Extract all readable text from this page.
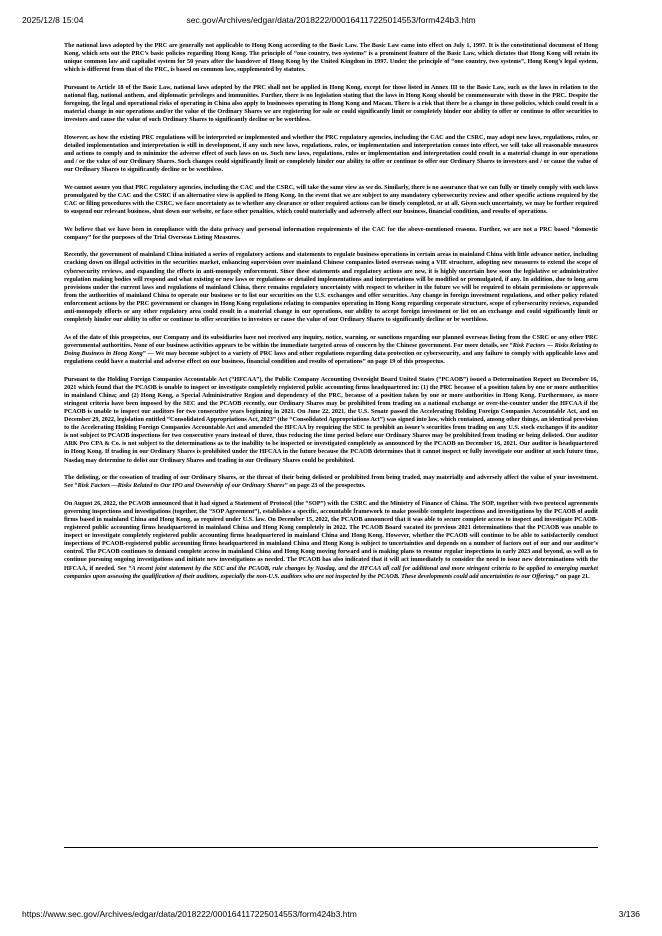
2025/12/8 15:04	sec.gov/Archives/edgar/data/2018222/000164117225014553/form424b3.htm

The national laws adopted by the PRC are generally not applicable to Hong Kong according to the Basic Law. The Basic Law came into effect on July 1, 1997. It is the constitutional document of Hong Kong, which sets out the PRC’s basic policies regarding Hong Kong. The principle of “one country, two systems” is a prominent feature of the Basic Law, which dictates that Hong Kong will retain its unique common law and capitalist system for 50 years after the handover of Hong Kong by the United Kingdom in 1997. Under the principle of “one country, two systems”, Hong Kong’s legal system, which is different from that of the PRC, is based on common law, supplemented by statutes.

Pursuant to Article 18 of the Basic Law, national laws adopted by the PRC shall not be applied in Hong Kong, except for those listed in Annex III to the Basic Law, such as the laws in relation to the national flag, national anthem, and diplomatic privileges and immunities. Further, there is no legislation stating that the laws in Hong Kong should be commensurate with those in the PRC. Despite the foregoing, the legal and operational risks of operating in China also apply to businesses operating in Hong Kong and Macau. There is a risk that there be a change in these policies, which could result in a material change in our operations and/or the value of the Ordinary Shares we are registering for sale or could significantly limit or completely hinder our ability to offer or continue to offer securities to investors and cause the value of such Ordinary Shares to significantly decline or be worthless.

However, as how the existing PRC regulations will be interpreted or implemented and whether the PRC regulatory agencies, including the CAC and the CSRC, may adopt new laws, regulations, rules, or detailed implementation and interpretation is still in development, if any such new laws, regulations, rules, or implementation and interpretation comes into effect, we will take all reasonable measures and actions to comply and to minimize the adverse effect of such laws on us. Such new laws, regulations, rules or implementation and interpretation could result in a material change in our operations and / or the value of our Ordinary Shares. Such changes could significantly limit or completely hinder our ability to offer or continue to offer our Ordinary Shares to investors and / or cause the value of our Ordinary Shares to significantly decline or be worthless.

We cannot assure you that PRC regulatory agencies, including the CAC and the CSRC, will take the same view as we do. Similarly, there is no assurance that we can fully or timely comply with such laws promulgated by the CAC and the CSRC if an alternative view is applied to Hong Kong. In the event that we are subject to any mandatory cybersecurity review and other specific actions required by the CAC or filing procedures with the CSRC, we face uncertainty as to whether any clearance or other required actions can be timely completed, or at all. Given such uncertainty, we may be further required to suspend our relevant business, shut down our website, or face other penalties, which could materially and adversely affect our business, financial condition, and results of operations.

We believe that we have been in compliance with the data privacy and personal information requirements of the CAC for the above-mentioned reasons. Further, we are not a PRC based “domestic company” for the purposes of the Trial Overseas Listing Measures.

Recently, the government of mainland China initiated a series of regulatory actions and statements to regulate business operations in certain areas in mainland China with little advance notice, including cracking down on illegal activities in the securities market, enhancing supervision over mainland Chinese companies listed overseas using a VIE structure, adopting new measures to extend the scope of cybersecurity reviews, and expanding the efforts in anti-monopoly enforcement. Since these statements and regulatory actions are new, it is highly uncertain how soon the legislative or administrative regulation making bodies will respond and what existing or new laws or regulations or detailed implementations and interpretations will be modified or promulgated, if any. In addition, due to long arm provisions under the current laws and regulations of mainland China, there remains regulatory uncertainty with respect to whether in the future we will be required to obtain permissions or approvals from the authorities of mainland China to operate our business or to list our securities on the U.S. exchanges and offer securities. Any change in foreign investment regulations, and other policy related enforcement actions by the PRC government or changes in Hong Kong regulations relating to companies operating in Hong Kong regarding corporate structure, scope of cybersecurity reviews, expanded anti-monopoly efforts or any other regulatory area could result in a material change in our operations, our ability to accept foreign investment or list on an exchange and could significantly limit or completely hinder our ability to offer or continue to offer securities to investors or cause the value of our Ordinary Shares to significantly decline or be worthless.

As of the date of this prospectus, our Company and its subsidiaries have not received any inquiry, notice, warning, or sanctions regarding our planned overseas listing from the CSRC or any other PRC governmental authorities. None of our business activities appears to be within the immediate targeted areas of concern by the Chinese government. For more details, see “Risk Factors — Risks Relating to Doing Business in Hong Kong” — We may become subject to a variety of PRC laws and other regulations regarding data protection or cybersecurity, and any failure to comply with applicable laws and regulations could have a material and adverse effect on our business, financial condition and results of operations” on page 19 of this prospectus.

Pursuant to the Holding Foreign Companies Accountable Act (“HFCAA”), the Public Company Accounting Oversight Board United States (“PCAOB”) issued a Determination Report on December 16, 2021 which found that the PCAOB is unable to inspect or investigate completely registered public accounting firms headquartered in: (1) the PRC because of a position taken by one or more authorities in mainland China; and (2) Hong Kong, a Special Administrative Region and dependency of the PRC, because of a position taken by one or more authorities in Hong Kong. Furthermore, as more stringent criteria have been imposed by the SEC and the PCAOB recently, our Ordinary Shares may be prohibited from trading on a national exchange or over-the-counter under the HFCAA if the PCAOB is unable to inspect our auditors for two consecutive years beginning in 2021. On June 22, 2021, the U.S. Senate passed the Accelerating Holding Foreign Companies Accountable Act, and on December 29, 2022, legislation entitled “Consolidated Appropriations Act, 2023” (the “Consolidated Appropriations Act”) was signed into law, which contained, among other things, an identical provision to the Accelerating Holding Foreign Companies Accountable Act and amended the HFCAA by requiring the SEC to prohibit an issuer’s securities from trading on any U.S. stock exchanges if its auditor is not subject to PCAOB inspections for two consecutive years instead of three, thus reducing the time period before our Ordinary Shares may be prohibited from trading or being delisted. Our auditor ARK Pro CPA & Co. is not subject to the determinations as to the inability to be inspected or investigated completely as announced by the PCAOB on December 16, 2021. Our auditor is headquartered in Hong Kong. If trading in our Ordinary Shares is prohibited under the HFCAA in the future because the PCAOB determines that it cannot inspect or fully investigate our auditor at such future time, Nasdaq may determine to delist our Ordinary Shares and trading in our Ordinary Shares could be prohibited.

The delisting, or the cessation of trading of our Ordinary Shares, or the threat of their being delisted or prohibited from being traded, may materially and adversely affect the value of your investment. See “Risk Factors —Risks Related to Our IPO and Ownership of our Ordinary Shares” on page 23 of the prospectus.

On August 26, 2022, the PCAOB announced that it had signed a Statement of Protocol (the “SOP”) with the CSRC and the Ministry of Finance of China. The SOP, together with two protocol agreements governing inspections and investigations (together, the “SOP Agreement”), establishes a specific, accountable framework to make possible complete inspections and investigations by the PCAOB of audit firms based in mainland China and Hong Kong, as required under U.S. law. On December 15, 2022, the PCAOB announced that it was able to secure complete access to inspect and investigate PCAOB-registered public accounting firms headquartered in mainland China and Hong Kong completely in 2022. The PCAOB Board vacated its previous 2021 determinations that the PCAOB was unable to inspect or investigate completely registered public accounting firms headquartered in mainland China and Hong Kong. However, whether the PCAOB will continue to be able to satisfactorily conduct inspections of PCAOB-registered public accounting firms headquartered in mainland China and Hong Kong is subject to uncertainties and depends on a number of factors out of our and our auditor’s control. The PCAOB continues to demand complete access in mainland China and Hong Kong moving forward and is making plans to resume regular inspections in early 2023 and beyond, as well as to continue pursuing ongoing investigations and initiate new investigations as needed. The PCAOB has also indicated that it will act immediately to consider the need to issue new determinations with the HFCAA, if needed. See “A recent joint statement by the SEC and the PCAOB, rule changes by Nasdaq, and the HFCAA all call for additional and more stringent criteria to be applied to emerging market companies upon assessing the qualification of their auditors, especially the non-U.S. auditors who are not inspected by the PCAOB. These developments could add uncertainties to our Offering.” on page 21.

https://www.sec.gov/Archives/edgar/data/2018222/000164117225014553/form424b3.htm	3/136
